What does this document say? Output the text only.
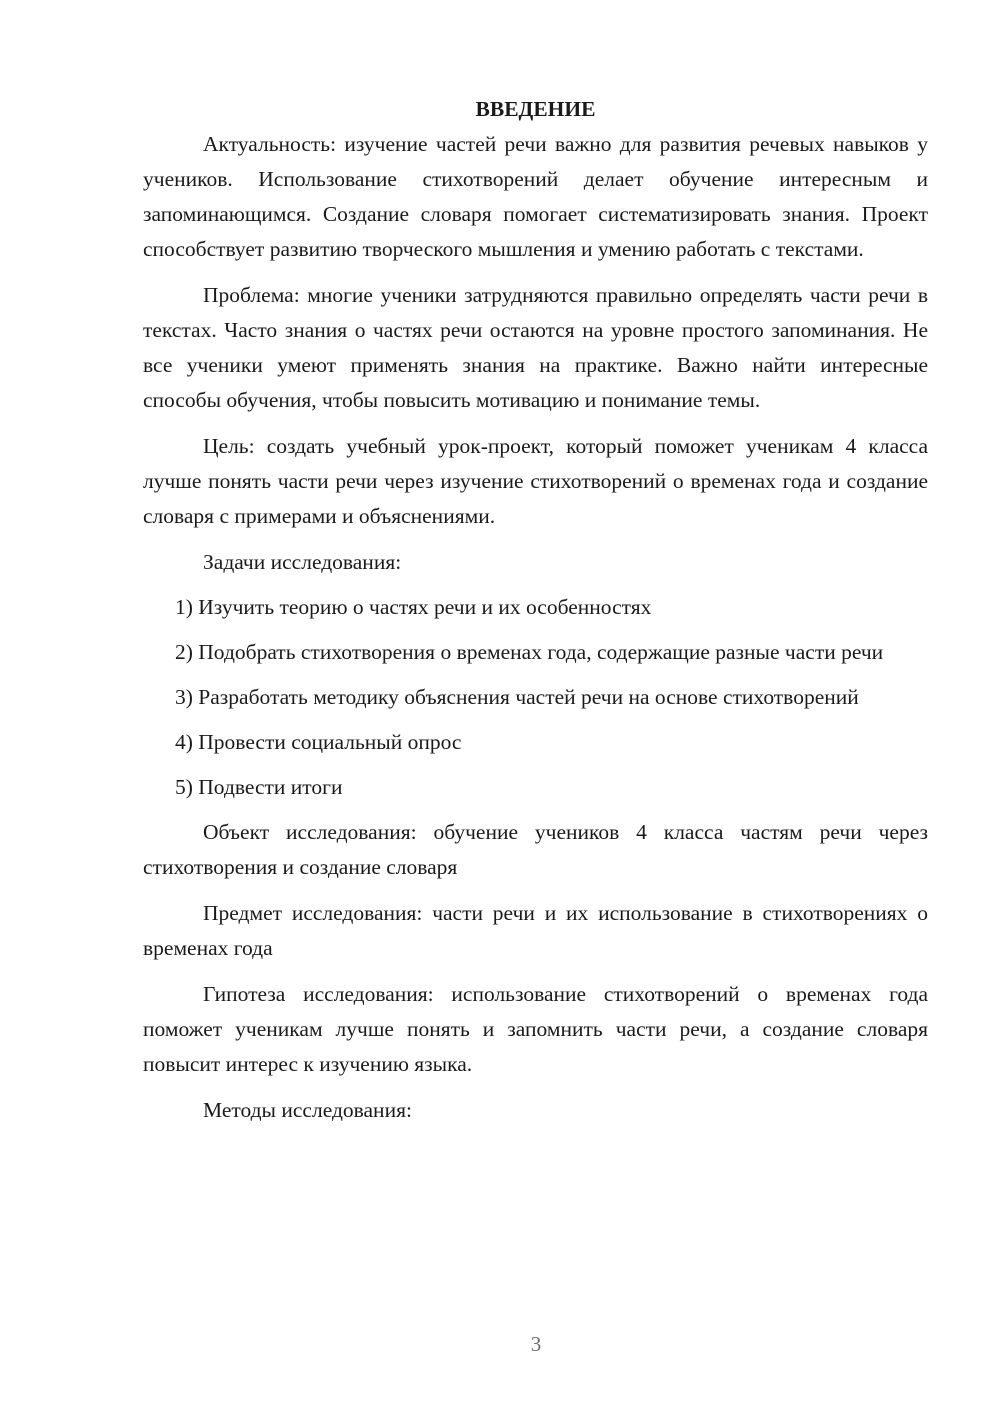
ВВЕДЕНИЕ

Актуальность: изучение частей речи важно для развития речевых навыков у учеников. Использование стихотворений делает обучение интересным и запоминающимся. Создание словаря помогает систематизировать знания. Проект способствует развитию творческого мышления и умению работать с текстами.

Проблема: многие ученики затрудняются правильно определять части речи в текстах. Часто знания о частях речи остаются на уровне простого запоминания. Не все ученики умеют применять знания на практике. Важно найти интересные способы обучения, чтобы повысить мотивацию и понимание темы.

Цель: создать учебный урок-проект, который поможет ученикам 4 класса лучше понять части речи через изучение стихотворений о временах года и создание словаря с примерами и объяснениями.

Задачи исследования:

1) Изучить теорию о частях речи и их особенностях

2) Подобрать стихотворения о временах года, содержащие разные части речи

3) Разработать методику объяснения частей речи на основе стихотворений

4) Провести социальный опрос

5) Подвести итоги

Объект исследования: обучение учеников 4 класса частям речи через стихотворения и создание словаря

Предмет исследования: части речи и их использование в стихотворениях о временах года

Гипотеза исследования: использование стихотворений о временах года поможет ученикам лучше понять и запомнить части речи, а создание словаря повысит интерес к изучению языка.

Методы исследования:

3
